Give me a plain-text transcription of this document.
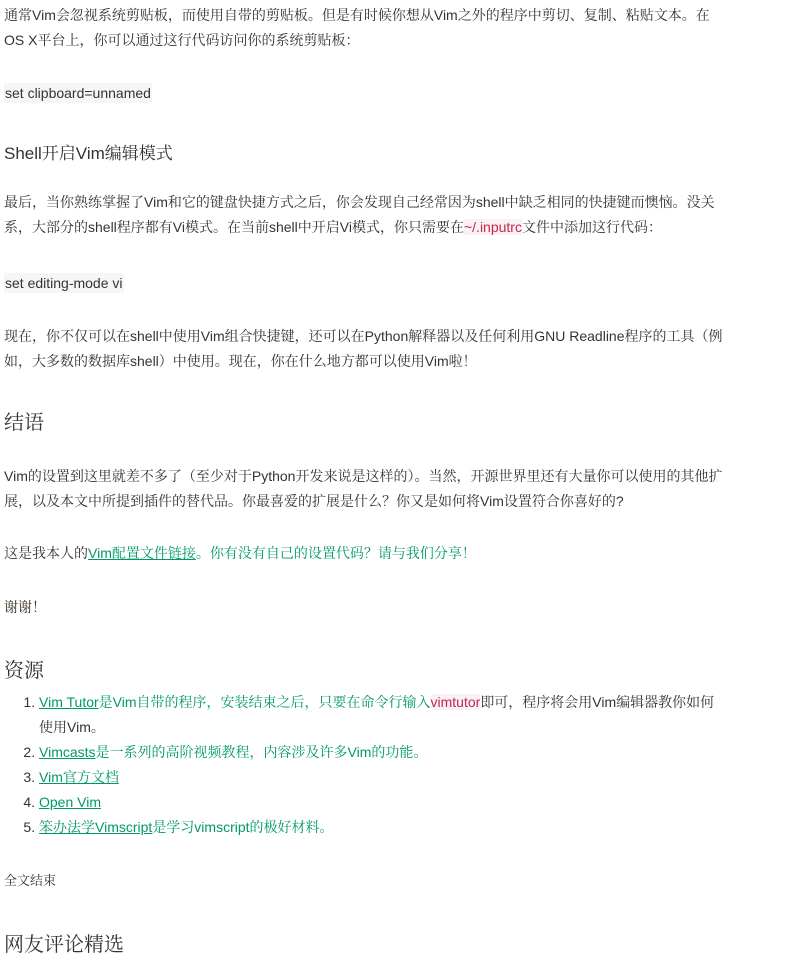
通常Vim会忽视系统剪贴板，而使用自带的剪贴板。但是有时候你想从Vim之外的程序中剪切、复制、粘贴文本。在OS X平台上，你可以通过这行代码访问你的系统剪贴板：
set clipboard=unnamed
Shell开启Vim编辑模式
最后，当你熟练掌握了Vim和它的键盘快捷方式之后，你会发现自己经常因为shell中缺乏相同的快捷键而懊恼。没关系，大部分的shell程序都有Vi模式。在当前shell中开启Vi模式，你只需要在~/.inputrc文件中添加这行代码：
set editing-mode vi
现在，你不仅可以在shell中使用Vim组合快捷键，还可以在Python解释器以及任何利用GNU Readline程序的工具（例如，大多数的数据库shell）中使用。现在，你在什么地方都可以使用Vim啦！
结语
Vim的设置到这里就差不多了（至少对于Python开发来说是这样的）。当然，开源世界里还有大量你可以使用的其他扩展，以及本文中所提到插件的替代品。你最喜爱的扩展是什么？你又是如何将Vim设置符合你喜好的?
这是我本人的Vim配置文件链接。你有没有自己的设置代码？请与我们分享！
谢谢！
资源
1. Vim Tutor是Vim自带的程序，安装结束之后，只要在命令行输入vimtutor即可，程序将会用Vim编辑器教你如何使用Vim。
2. Vimcasts是一系列的高阶视频教程，内容涉及许多Vim的功能。
3. Vim官方文档
4. Open Vim
5. 笨办法学Vimscript是学习vimscript的极好材料。
全文结束
网友评论精选
